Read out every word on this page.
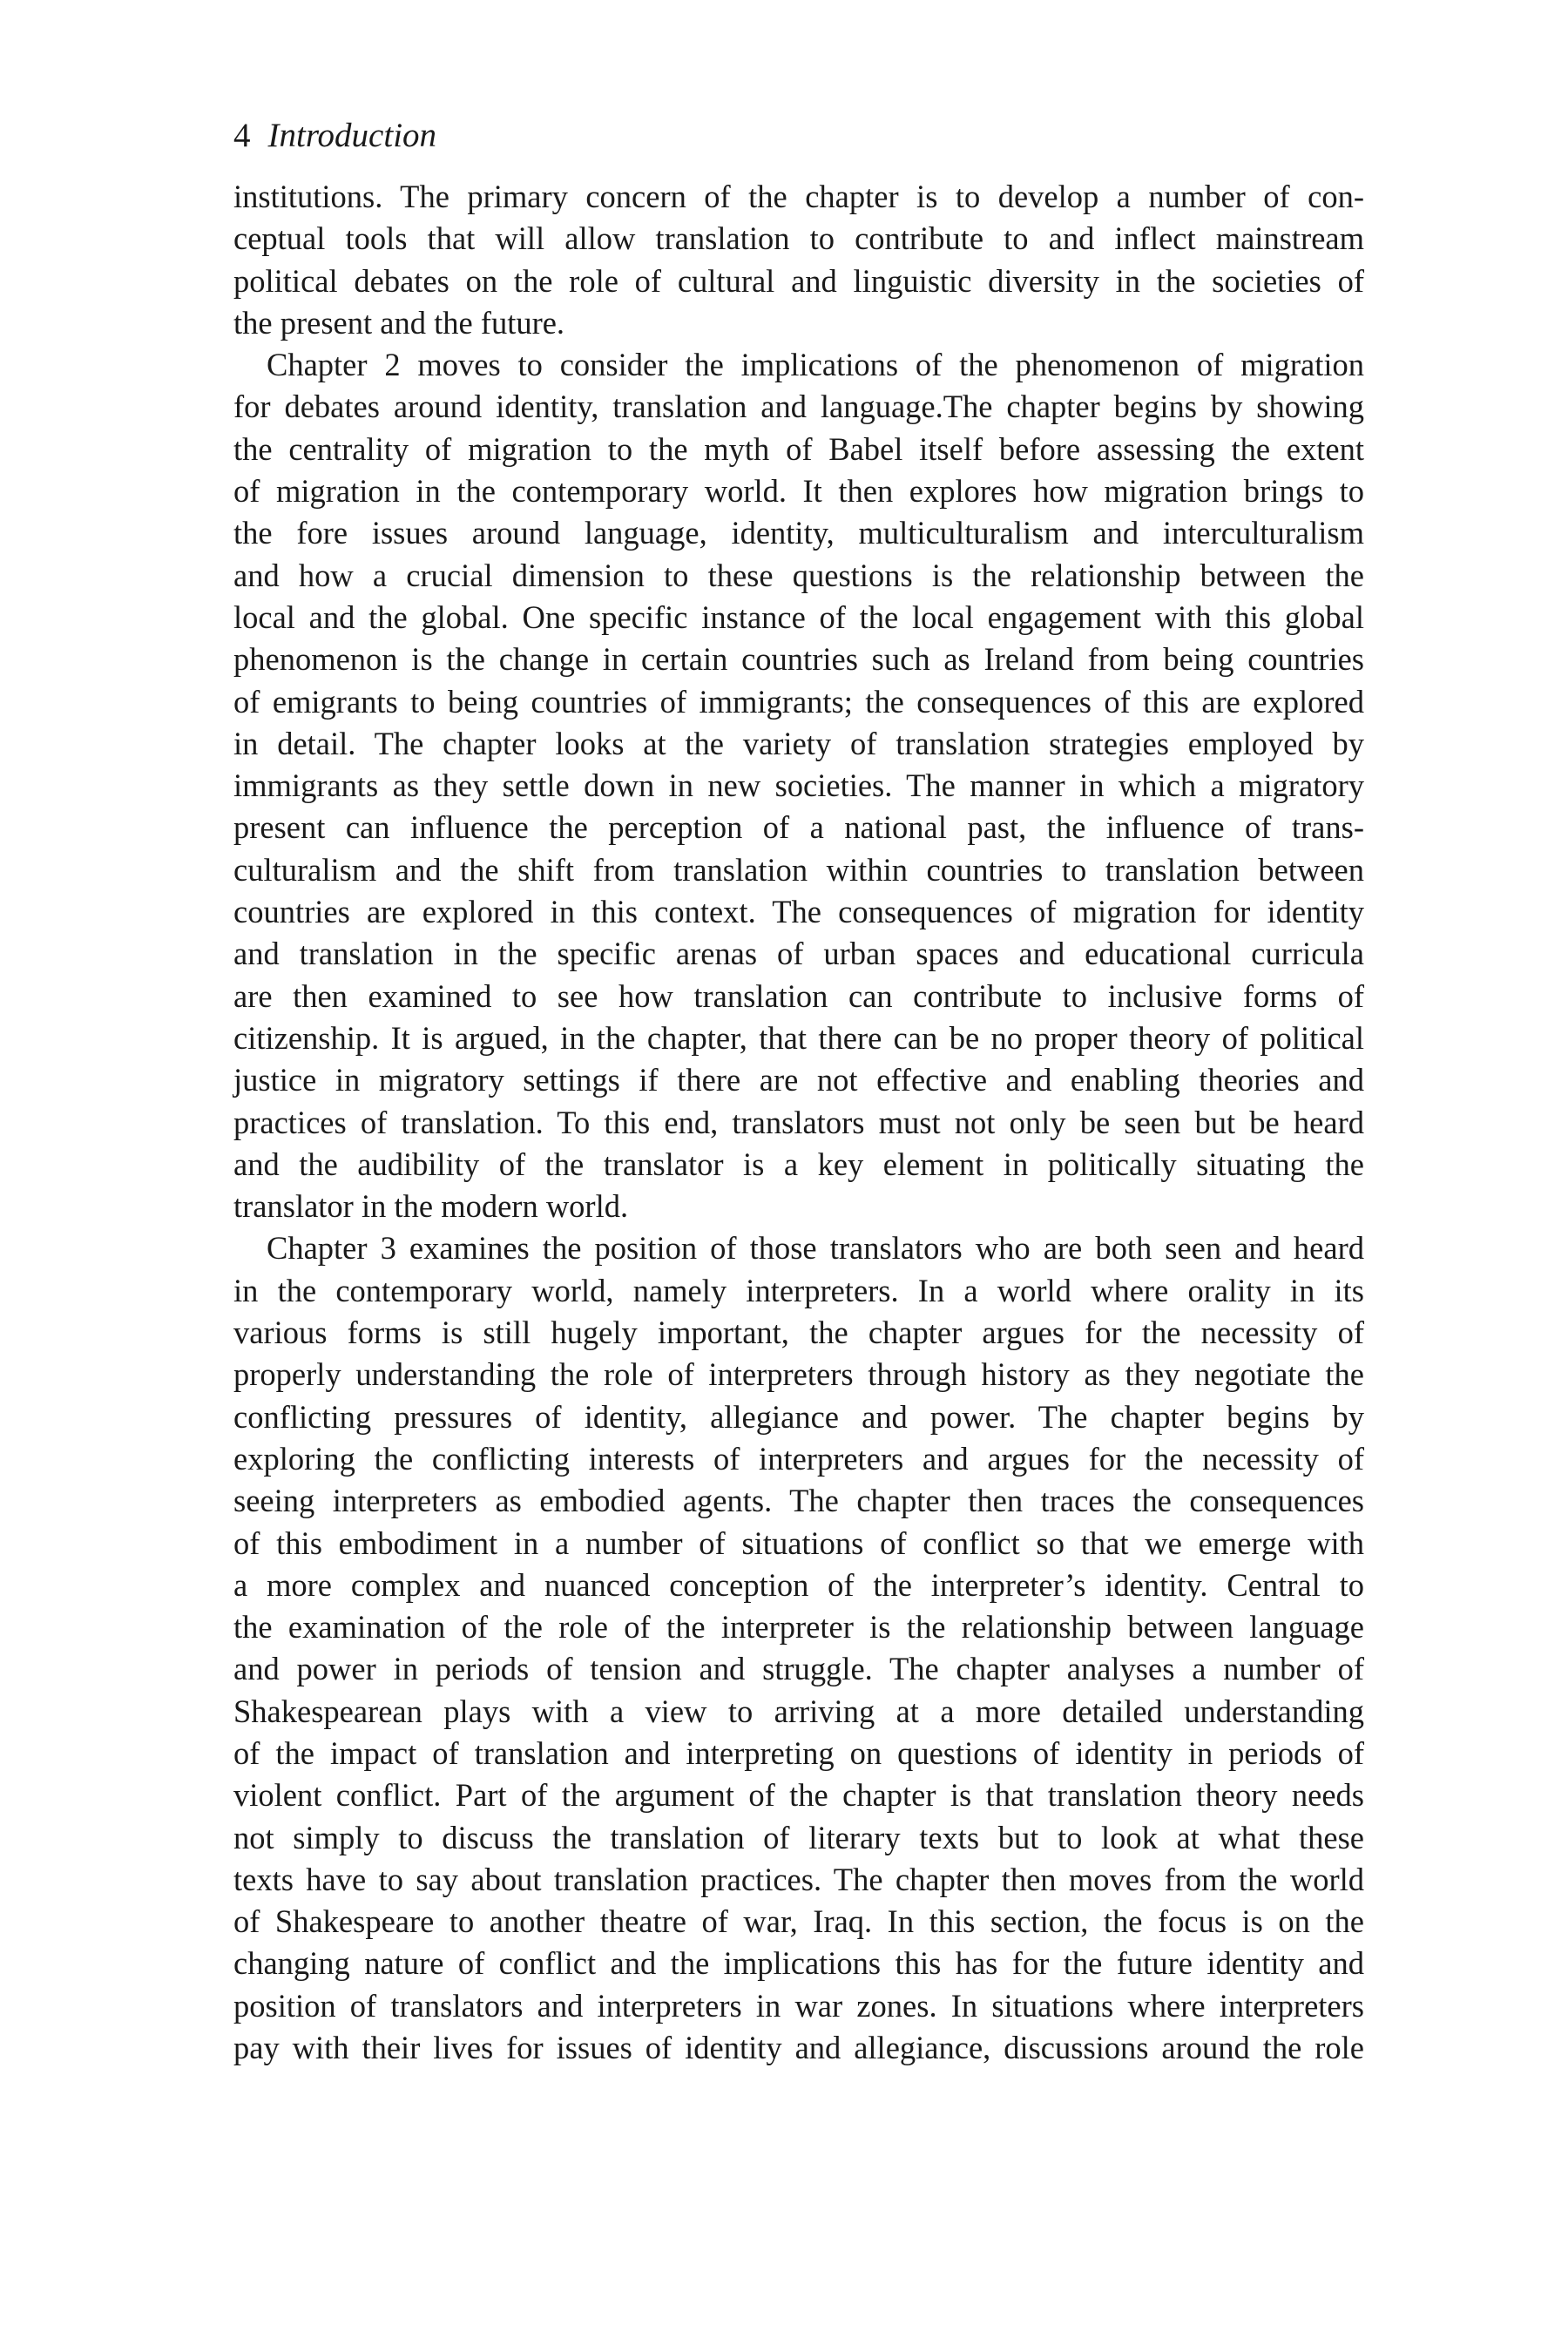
4 Introduction
institutions. The primary concern of the chapter is to develop a number of con-
ceptual tools that will allow translation to contribute to and inflect mainstream
political debates on the role of cultural and linguistic diversity in the societies of
the present and the future.
Chapter 2 moves to consider the implications of the phenomenon of migration
for debates around identity, translation and language.The chapter begins by showing
the centrality of migration to the myth of Babel itself before assessing the extent
of migration in the contemporary world. It then explores how migration brings to
the fore issues around language, identity, multiculturalism and interculturalism
and how a crucial dimension to these questions is the relationship between the
local and the global. One specific instance of the local engagement with this global
phenomenon is the change in certain countries such as Ireland from being countries
of emigrants to being countries of immigrants; the consequences of this are explored
in detail. The chapter looks at the variety of translation strategies employed by
immigrants as they settle down in new societies. The manner in which a migratory
present can influence the perception of a national past, the influence of trans-
culturalism and the shift from translation within countries to translation between
countries are explored in this context. The consequences of migration for identity
and translation in the specific arenas of urban spaces and educational curricula
are then examined to see how translation can contribute to inclusive forms of
citizenship. It is argued, in the chapter, that there can be no proper theory of political
justice in migratory settings if there are not effective and enabling theories and
practices of translation. To this end, translators must not only be seen but be heard
and the audibility of the translator is a key element in politically situating the
translator in the modern world.
Chapter 3 examines the position of those translators who are both seen and heard
in the contemporary world, namely interpreters. In a world where orality in its
various forms is still hugely important, the chapter argues for the necessity of
properly understanding the role of interpreters through history as they negotiate the
conflicting pressures of identity, allegiance and power. The chapter begins by
exploring the conflicting interests of interpreters and argues for the necessity of
seeing interpreters as embodied agents. The chapter then traces the consequences
of this embodiment in a number of situations of conflict so that we emerge with
a more complex and nuanced conception of the interpreter’s identity. Central to
the examination of the role of the interpreter is the relationship between language
and power in periods of tension and struggle. The chapter analyses a number of
Shakespearean plays with a view to arriving at a more detailed understanding
of the impact of translation and interpreting on questions of identity in periods of
violent conflict. Part of the argument of the chapter is that translation theory needs
not simply to discuss the translation of literary texts but to look at what these
texts have to say about translation practices. The chapter then moves from the world
of Shakespeare to another theatre of war, Iraq. In this section, the focus is on the
changing nature of conflict and the implications this has for the future identity and
position of translators and interpreters in war zones. In situations where interpreters
pay with their lives for issues of identity and allegiance, discussions around the role
